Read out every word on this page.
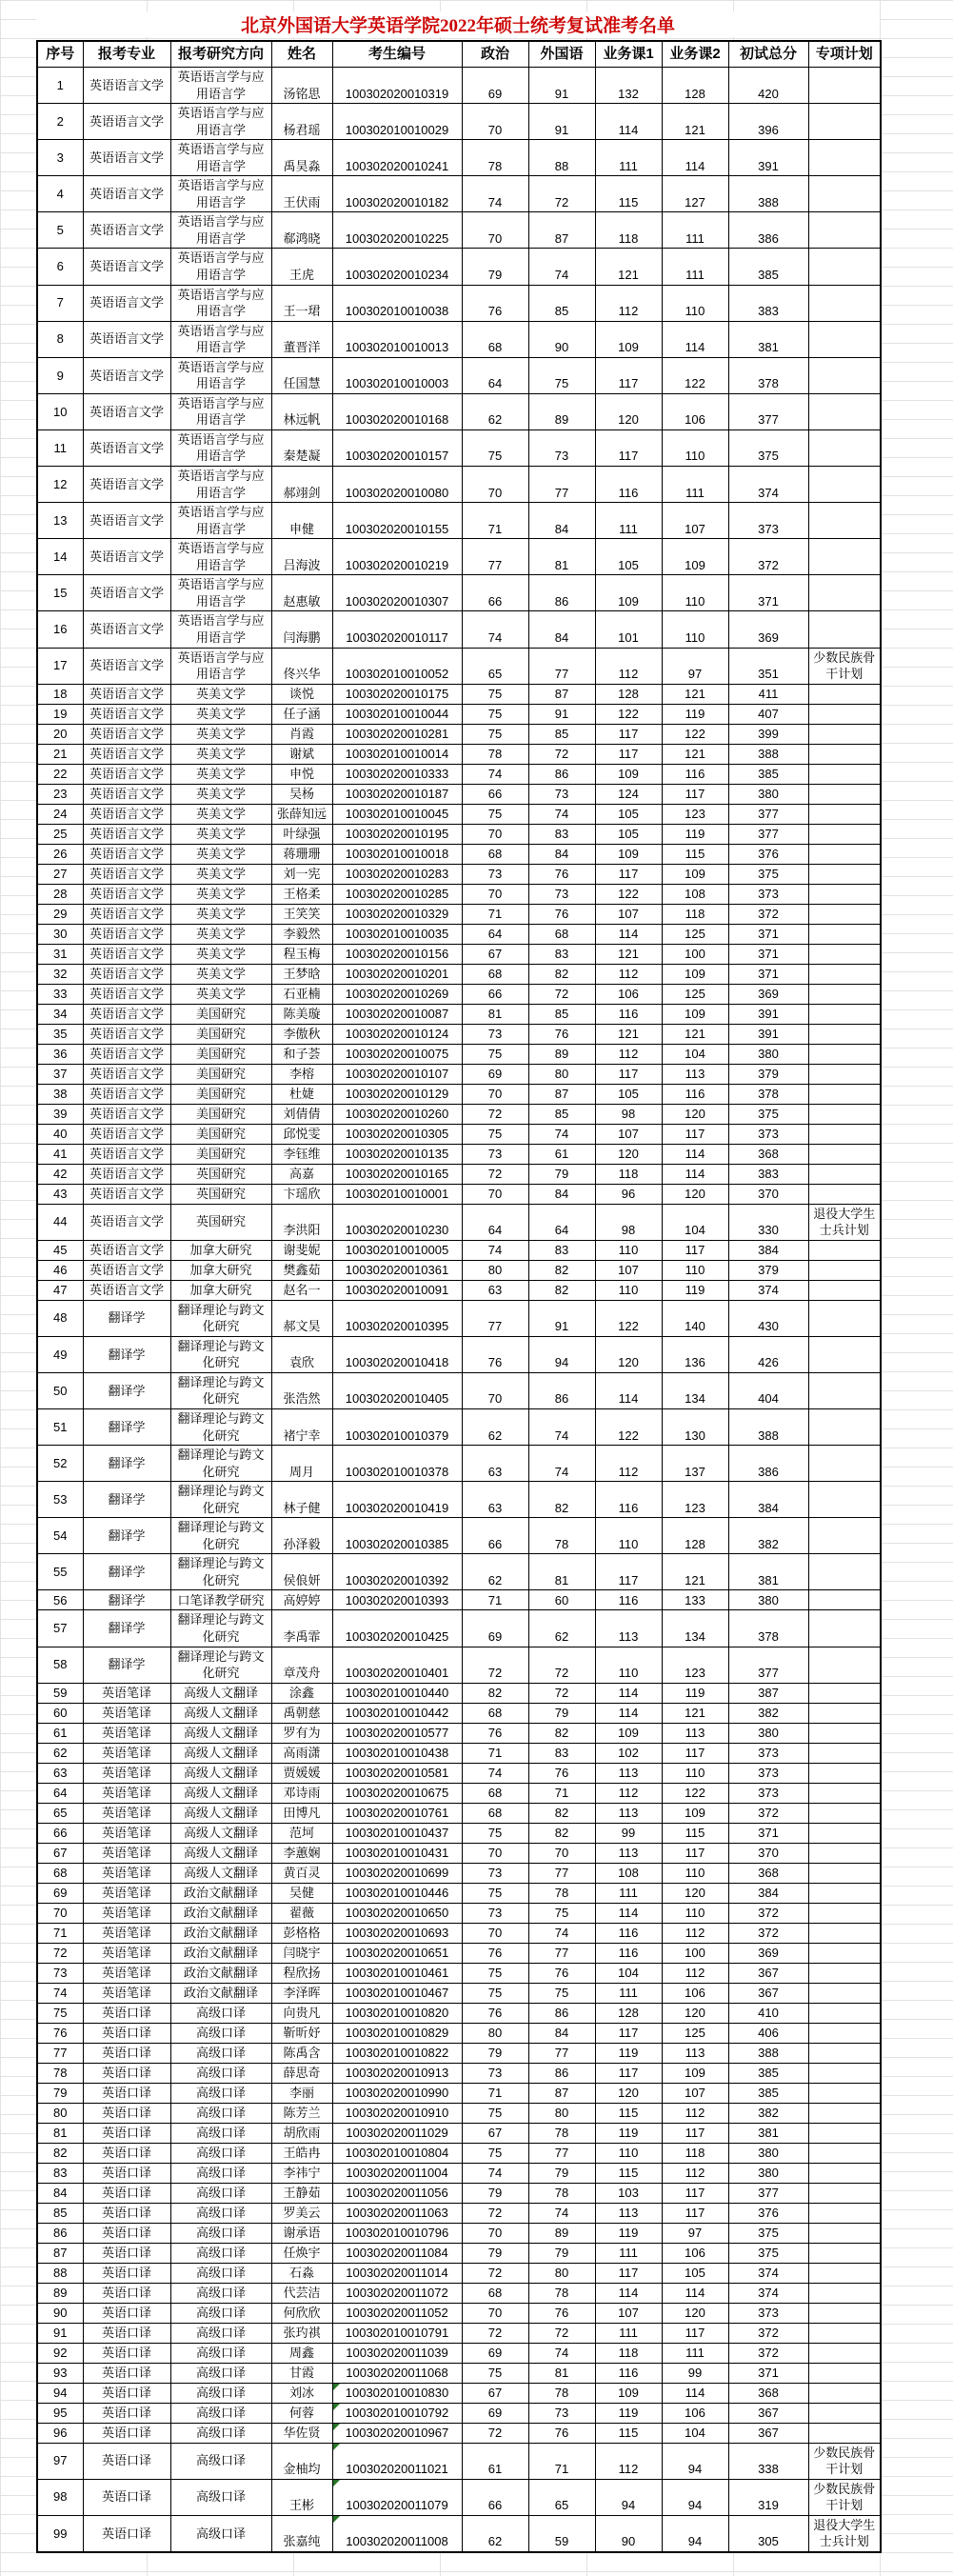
北京外国语大学英语学院2022年硕士统考复试准考名单
序号	报考专业	报考研究方向	姓名	考生编号	政治	外国语	业务课1	业务课2	初试总分	专项计划
1	英语语言文学	英语语言学与应用语言学	汤铭思	100302020010319	69	91	132	128	420	
2	英语语言文学	英语语言学与应用语言学	杨君瑶	100302010010029	70	91	114	121	396	
3	英语语言文学	英语语言学与应用语言学	禹昊淼	100302020010241	78	88	111	114	391	
4	英语语言文学	英语语言学与应用语言学	王伏雨	100302020010182	74	72	115	127	388	
5	英语语言文学	英语语言学与应用语言学	郗鸿晓	100302020010225	70	87	118	111	386	
6	英语语言文学	英语语言学与应用语言学	王虎	100302020010234	79	74	121	111	385	
7	英语语言文学	英语语言学与应用语言学	王一珺	100302010010038	76	85	112	110	383	
8	英语语言文学	英语语言学与应用语言学	董晋洋	100302010010013	68	90	109	114	381	
9	英语语言文学	英语语言学与应用语言学	任国慧	100302010010003	64	75	117	122	378	
10	英语语言文学	英语语言学与应用语言学	林远帆	100302020010168	62	89	120	106	377	
11	英语语言文学	英语语言学与应用语言学	秦楚凝	100302020010157	75	73	117	110	375	
12	英语语言文学	英语语言学与应用语言学	郝翊剑	100302020010080	70	77	116	111	374	
13	英语语言文学	英语语言学与应用语言学	申健	100302020010155	71	84	111	107	373	
14	英语语言文学	英语语言学与应用语言学	吕海波	100302020010219	77	81	105	109	372	
15	英语语言文学	英语语言学与应用语言学	赵惠敏	100302020010307	66	86	109	110	371	
16	英语语言文学	英语语言学与应用语言学	闫海鹏	100302020010117	74	84	101	110	369	
17	英语语言文学	英语语言学与应用语言学	佟兴华	100302010010052	65	77	112	97	351	少数民族骨干计划
18	英语语言文学	英美文学	谈悦	100302020010175	75	87	128	121	411	
19	英语语言文学	英美文学	任子涵	100302010010044	75	91	122	119	407	
20	英语语言文学	英美文学	肖霞	100302020010281	75	85	117	122	399	
21	英语语言文学	英美文学	谢斌	100302010010014	78	72	117	121	388	
22	英语语言文学	英美文学	申悦	100302020010333	74	86	109	116	385	
23	英语语言文学	英美文学	吴杨	100302020010187	66	73	124	117	380	
24	英语语言文学	英美文学	张薛知远	100302010010045	75	74	105	123	377	
25	英语语言文学	英美文学	叶绿强	100302020010195	70	83	105	119	377	
26	英语语言文学	英美文学	蒋珊珊	100302010010018	68	84	109	115	376	
27	英语语言文学	英美文学	刘一宪	100302020010283	73	76	117	109	375	
28	英语语言文学	英美文学	王格柔	100302020010285	70	73	122	108	373	
29	英语语言文学	英美文学	王笑笑	100302020010329	71	76	107	118	372	
30	英语语言文学	英美文学	李毅然	100302010010035	64	68	114	125	371	
31	英语语言文学	英美文学	程玉梅	100302020010156	67	83	121	100	371	
32	英语语言文学	英美文学	王梦晗	100302020010201	68	82	112	109	371	
33	英语语言文学	英美文学	石亚楠	100302020010269	66	72	106	125	369	
34	英语语言文学	美国研究	陈美璇	100302020010087	81	85	116	109	391	
35	英语语言文学	美国研究	李傲秋	100302020010124	73	76	121	121	391	
36	英语语言文学	美国研究	和子荟	100302020010075	75	89	112	104	380	
37	英语语言文学	美国研究	李榕	100302020010107	69	80	117	113	379	
38	英语语言文学	美国研究	杜婕	100302020010129	70	87	105	116	378	
39	英语语言文学	美国研究	刘倩倩	100302020010260	72	85	98	120	375	
40	英语语言文学	美国研究	邱悦雯	100302020010305	75	74	107	117	373	
41	英语语言文学	美国研究	李钰维	100302020010135	73	61	120	114	368	
42	英语语言文学	英国研究	高嘉	100302020010165	72	79	118	114	383	
43	英语语言文学	英国研究	卞瑶欣	100302010010001	70	84	96	120	370	
44	英语语言文学	英国研究	李洪阳	100302020010230	64	64	98	104	330	退役大学生士兵计划
45	英语语言文学	加拿大研究	谢斐妮	100302010010005	74	83	110	117	384	
46	英语语言文学	加拿大研究	樊鑫茹	100302020010361	80	82	107	110	379	
47	英语语言文学	加拿大研究	赵名一	100302020010091	63	82	110	119	374	
48	翻译学	翻译理论与跨文化研究	郝文昊	100302020010395	77	91	122	140	430	
49	翻译学	翻译理论与跨文化研究	袁欣	100302020010418	76	94	120	136	426	
50	翻译学	翻译理论与跨文化研究	张浩然	100302020010405	70	86	114	134	404	
51	翻译学	翻译理论与跨文化研究	褚宁幸	100302010010379	62	74	122	130	388	
52	翻译学	翻译理论与跨文化研究	周月	100302010010378	63	74	112	137	386	
53	翻译学	翻译理论与跨文化研究	林子健	100302020010419	63	82	116	123	384	
54	翻译学	翻译理论与跨文化研究	孙泽毅	100302020010385	66	78	110	128	382	
55	翻译学	翻译理论与跨文化研究	侯俍妍	100302020010392	62	81	117	121	381	
56	翻译学	口笔译教学研究	高婷婷	100302020010393	71	60	116	133	380	
57	翻译学	翻译理论与跨文化研究	李禹霏	100302020010425	69	62	113	134	378	
58	翻译学	翻译理论与跨文化研究	章茂舟	100302020010401	72	72	110	123	377	
59	英语笔译	高级人文翻译	涂鑫	100302010010440	82	72	114	119	387	
60	英语笔译	高级人文翻译	禹朝慈	100302010010442	68	79	114	121	382	
61	英语笔译	高级人文翻译	罗有为	100302020010577	76	82	109	113	380	
62	英语笔译	高级人文翻译	高雨潇	100302010010438	71	83	102	117	373	
63	英语笔译	高级人文翻译	贾媛媛	100302020010581	74	76	113	110	373	
64	英语笔译	高级人文翻译	邓诗雨	100302020010675	68	71	112	122	373	
65	英语笔译	高级人文翻译	田博凡	100302020010761	68	82	113	109	372	
66	英语笔译	高级人文翻译	范坷	100302010010437	75	82	99	115	371	
67	英语笔译	高级人文翻译	李蕙娴	100302010010431	70	70	113	117	370	
68	英语笔译	高级人文翻译	黄百灵	100302020010699	73	77	108	110	368	
69	英语笔译	政治文献翻译	吴健	100302010010446	75	78	111	120	384	
70	英语笔译	政治文献翻译	翟薇	100302020010650	73	75	114	110	372	
71	英语笔译	政治文献翻译	彭格格	100302020010693	70	74	116	112	372	
72	英语笔译	政治文献翻译	闫晓宇	100302020010651	76	77	116	100	369	
73	英语笔译	政治文献翻译	程欣扬	100302010010461	75	76	104	112	367	
74	英语笔译	政治文献翻译	李泽晖	100302010010467	75	75	111	106	367	
75	英语口译	高级口译	向贵凡	100302010010820	76	86	128	120	410	
76	英语口译	高级口译	靳昕妤	100302010010829	80	84	117	125	406	
77	英语口译	高级口译	陈禹含	100302010010822	79	77	119	113	388	
78	英语口译	高级口译	薛思奇	100302020010913	73	86	117	109	385	
79	英语口译	高级口译	李丽	100302020010990	71	87	120	107	385	
80	英语口译	高级口译	陈芳兰	100302020010910	75	80	115	112	382	
81	英语口译	高级口译	胡欣雨	100302020011029	67	78	119	117	381	
82	英语口译	高级口译	王皓冉	100302010010804	75	77	110	118	380	
83	英语口译	高级口译	李祎宁	100302020011004	74	79	115	112	380	
84	英语口译	高级口译	王静茹	100302020011056	79	78	103	117	377	
85	英语口译	高级口译	罗美云	100302020011063	72	74	113	117	376	
86	英语口译	高级口译	谢承语	100302010010796	70	89	119	97	375	
87	英语口译	高级口译	任焕宇	100302020011084	79	79	111	106	375	
88	英语口译	高级口译	石淼	100302020011014	72	80	117	105	374	
89	英语口译	高级口译	代芸洁	100302020011072	68	78	114	114	374	
90	英语口译	高级口译	何欣欣	100302020011052	70	76	107	120	373	
91	英语口译	高级口译	张玓祺	100302010010791	72	72	111	117	372	
92	英语口译	高级口译	周鑫	100302020011039	69	74	118	111	372	
93	英语口译	高级口译	甘霞	100302020011068	75	81	116	99	371	
94	英语口译	高级口译	刘冰	100302010010830	67	78	109	114	368	
95	英语口译	高级口译	何蓉	100302010010792	69	73	119	106	367	
96	英语口译	高级口译	华佐贤	100302020010967	72	76	115	104	367	
97	英语口译	高级口译	金柚均	100302020011021	61	71	112	94	338	少数民族骨干计划
98	英语口译	高级口译	王彬	100302020011079	66	65	94	94	319	少数民族骨干计划
99	英语口译	高级口译	张嘉纯	100302020011008	62	59	90	94	305	退役大学生士兵计划
